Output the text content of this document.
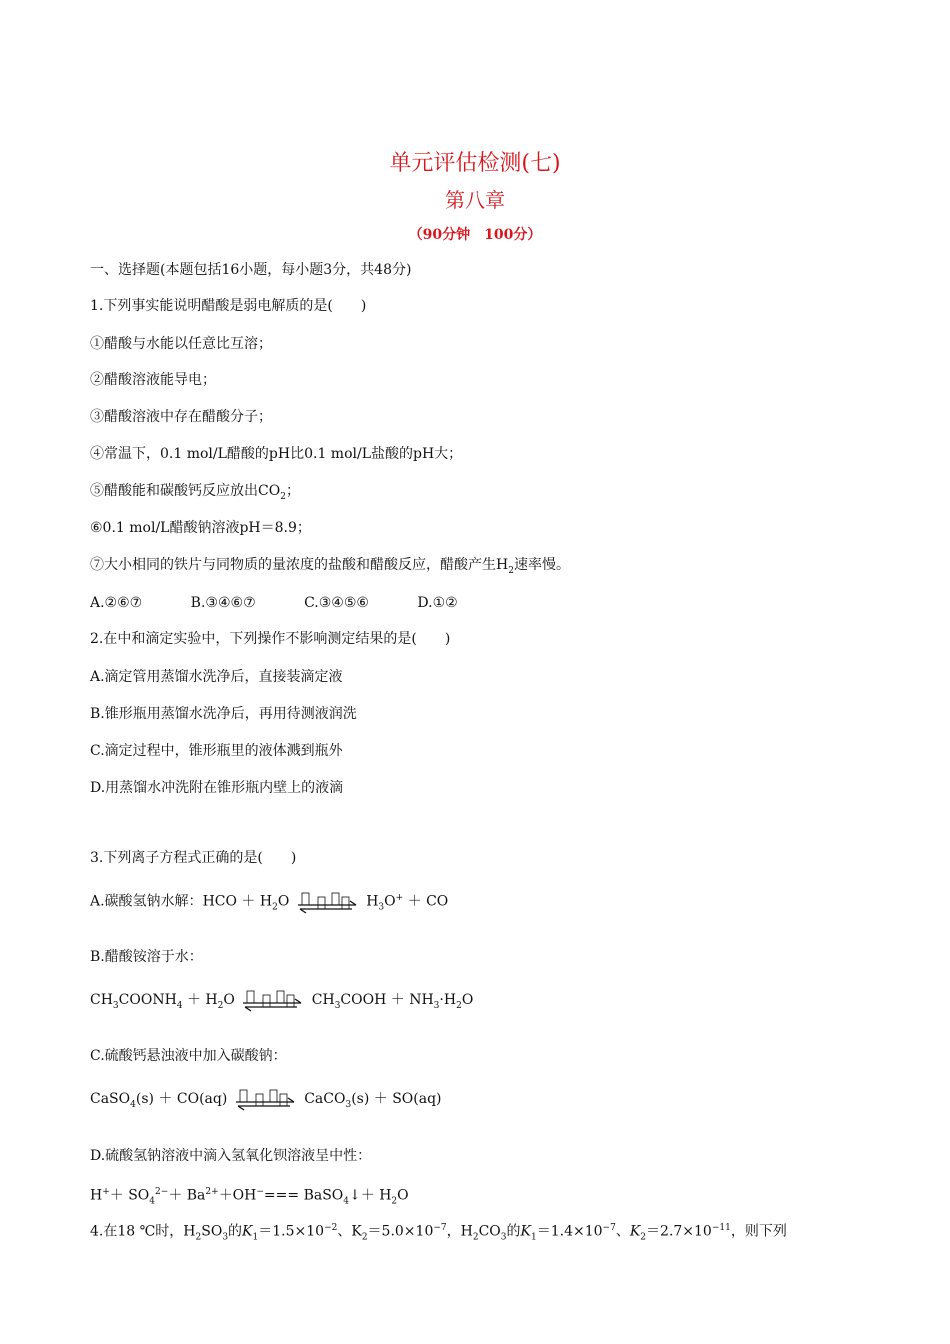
单元评估检测(七)
第八章
（90分钟　100分）
一、选择题(本题包括16小题，每小题3分，共48分)
1.下列事实能说明醋酸是弱电解质的是(　　)
①醋酸与水能以任意比互溶；
②醋酸溶液能导电；
③醋酸溶液中存在醋酸分子；
④常温下，0.1 mol/L醋酸的pH比0.1 mol/L盐酸的pH大；
⑤醋酸能和碳酸钙反应放出$CO_2$；
⑥0.1 mol/L醋酸钠溶液pH＝8.9；
⑦大小相同的铁片与同物质的量浓度的盐酸和醋酸反应，醋酸产生$H_2$速率慢。
A.②⑥⑦	B.③④⑥⑦	C.③④⑤⑥	D.①②
2.在中和滴定实验中，下列操作不影响测定结果的是(　　)
A.滴定管用蒸馏水洗净后，直接装滴定液
B.锥形瓶用蒸馏水洗净后，再用待测液润洗
C.滴定过程中，锥形瓶里的液体溅到瓶外
D.用蒸馏水冲洗附在锥形瓶内壁上的液滴
3.下列离子方程式正确的是(　　)
A.碳酸氢钠水解：HCO ＋ $H_2O$	$H_3O^+$ ＋ CO
B.醋酸铵溶于水：
$CH_3COONH_4 + H_2O$	$CH_3COOH + NH_3\cdot H_2O$
C.硫酸钙悬浊液中加入碳酸钠：
CaSO$_4$(s) ＋ CO(aq)	CaCO$_3$(s) ＋ SO(aq)
D.硫酸氢钠溶液中滴入氢氧化钡溶液呈中性：
$H^++ SO_4^{2-}+ Ba^{2+}+OH^-===$ BaSO$_4$↓＋ $H_2O$
4.在18 ℃时，$H_2SO_3$的$K_1=1.5\times 10^{-2}$、$K_2=5.0\times 10^{-7}$，$H_2CO_3$的$K_1=1.4\times 10^{-7}$、$K_2=2.7\times 10^{-11}$，则下列
